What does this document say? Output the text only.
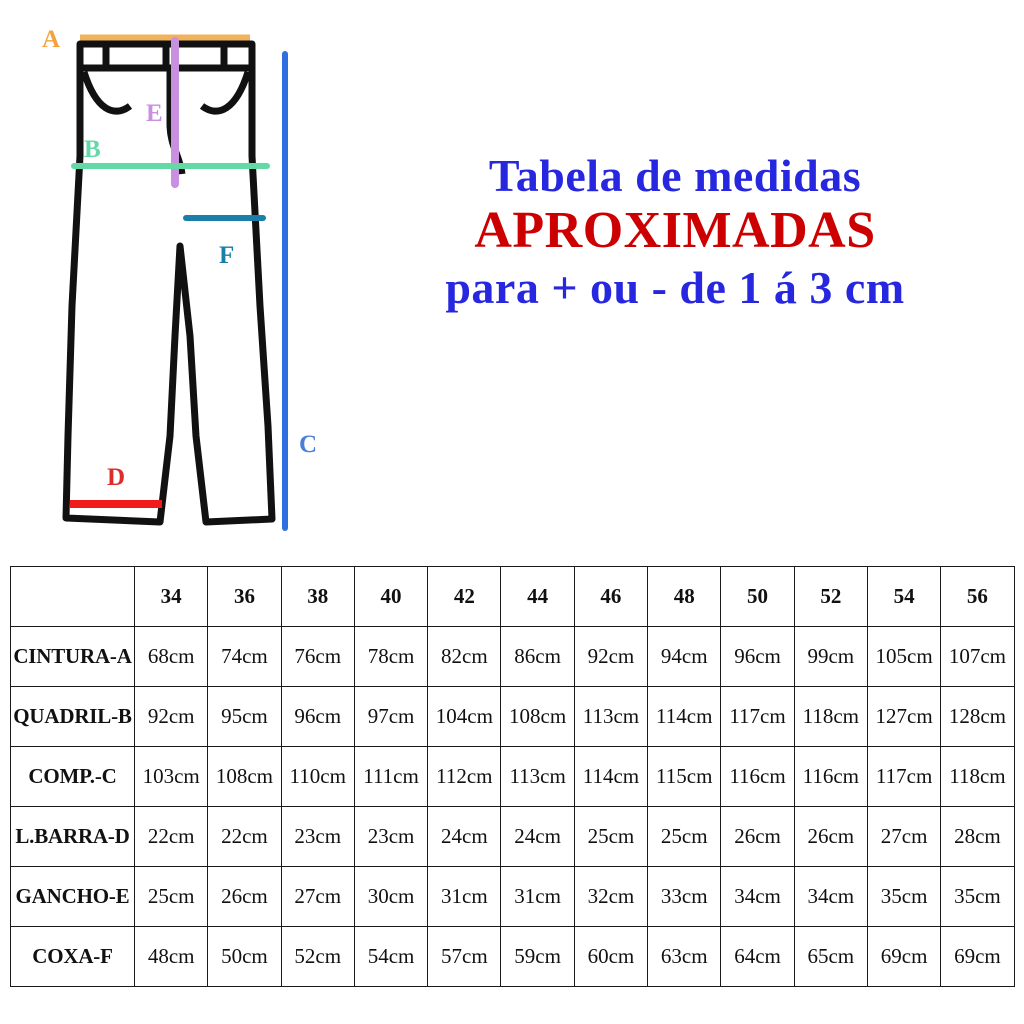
A
B
C
D
E
F
Tabela de medidas
APROXIMADAS
para + ou - de 1 á 3 cm
	34	36	38	40	42	44	46	48	50	52	54	56
CINTURA-A	68cm	74cm	76cm	78cm	82cm	86cm	92cm	94cm	96cm	99cm	105cm	107cm
QUADRIL-B	92cm	95cm	96cm	97cm	104cm	108cm	113cm	114cm	117cm	118cm	127cm	128cm
COMP.-C	103cm	108cm	110cm	111cm	112cm	113cm	114cm	115cm	116cm	116cm	117cm	118cm
L.BARRA-D	22cm	22cm	23cm	23cm	24cm	24cm	25cm	25cm	26cm	26cm	27cm	28cm
GANCHO-E	25cm	26cm	27cm	30cm	31cm	31cm	32cm	33cm	34cm	34cm	35cm	35cm
COXA-F	48cm	50cm	52cm	54cm	57cm	59cm	60cm	63cm	64cm	65cm	69cm	69cm
